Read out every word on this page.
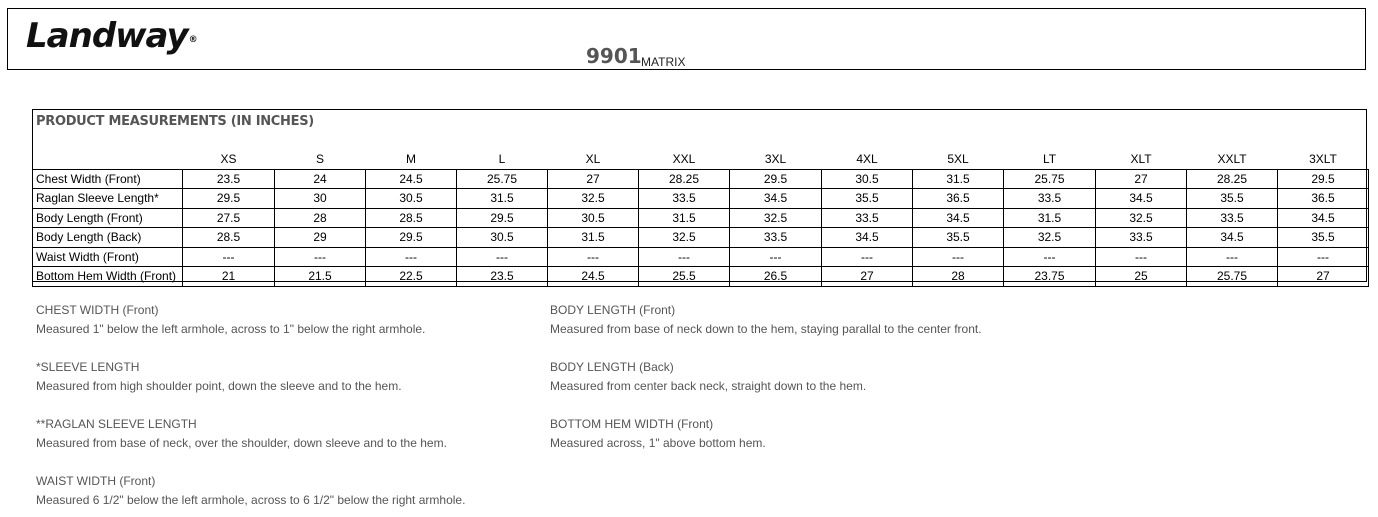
Landway®
9901 MATRIX
PRODUCT MEASUREMENTS (IN INCHES)
	XS	S	M	L	XL	XXL	3XL	4XL	5XL	LT	XLT	XXLT	3XLT
Chest Width (Front)	23.5	24	24.5	25.75	27	28.25	29.5	30.5	31.5	25.75	27	28.25	29.5
Raglan Sleeve Length*	29.5	30	30.5	31.5	32.5	33.5	34.5	35.5	36.5	33.5	34.5	35.5	36.5
Body Length (Front)	27.5	28	28.5	29.5	30.5	31.5	32.5	33.5	34.5	31.5	32.5	33.5	34.5
Body Length (Back)	28.5	29	29.5	30.5	31.5	32.5	33.5	34.5	35.5	32.5	33.5	34.5	35.5
Waist Width (Front)	---	---	---	---	---	---	---	---	---	---	---	---	---
Bottom Hem Width (Front)	21	21.5	22.5	23.5	24.5	25.5	26.5	27	28	23.75	25	25.75	27
CHEST WIDTH (Front)
Measured 1" below the left armhole, across to 1" below the right armhole.
*SLEEVE LENGTH
Measured from high shoulder point, down the sleeve and to the hem.
**RAGLAN SLEEVE LENGTH
Measured from base of neck, over the shoulder, down sleeve and to the hem.
WAIST WIDTH (Front)
Measured 6 1/2" below the left armhole, across to 6 1/2" below the right armhole.
BODY LENGTH (Front)
Measured from base of neck down to the hem, staying parallal to the center front.
BODY LENGTH (Back)
Measured from center back neck, straight down to the hem.
BOTTOM HEM WIDTH (Front)
Measured across, 1" above bottom hem.
